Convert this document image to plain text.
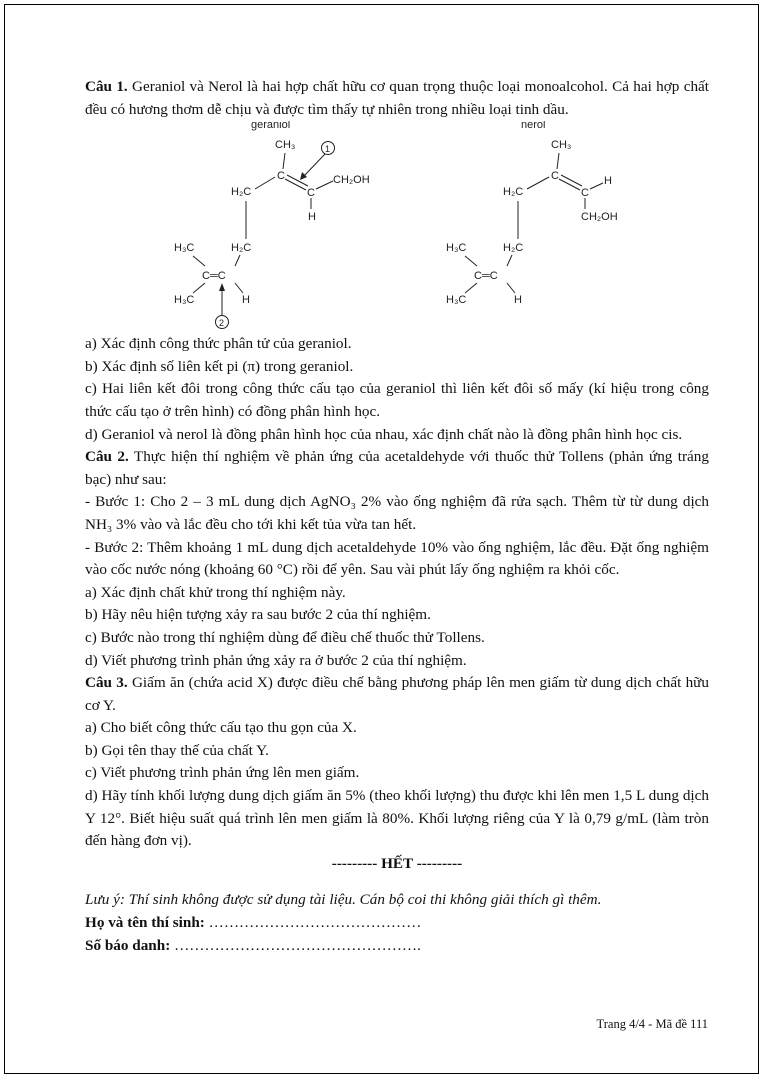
Câu 1. Geraniol và Nerol là hai hợp chất hữu cơ quan trọng thuộc loại monoalcohol. Cả hai hợp chất đều có hương thơm dễ chịu và được tìm thấy tự nhiên trong nhiều loại tinh dầu.

geraniol
CH₃
C
C
CH₂OH
H
1
H₂C
H₂C
H₃C
C═C
H₃C	H
2
nerol
CH₃
C
C
H
CH₂OH
H₂C
H₂C
H₃C
C═C
H₃C	H

a) Xác định công thức phân tử của geraniol.

b) Xác định số liên kết pi (π) trong geraniol.

c) Hai liên kết đôi trong công thức cấu tạo của geraniol thì liên kết đôi số mấy (kí hiệu trong công thức cấu tạo ở trên hình) có đồng phân hình học.

d) Geraniol và nerol là đồng phân hình học của nhau, xác định chất nào là đồng phân hình học cis.

Câu 2. Thực hiện thí nghiệm về phản ứng của acetaldehyde với thuốc thử Tollens (phản ứng tráng bạc) như sau:

- Bước 1: Cho 2 – 3 mL dung dịch AgNO₃ 2% vào ống nghiệm đã rửa sạch. Thêm từ từ dung dịch NH₃ 3% vào và lắc đều cho tới khi kết tủa vừa tan hết.

- Bước 2: Thêm khoảng 1 mL dung dịch acetaldehyde 10% vào ống nghiệm, lắc đều. Đặt ống nghiệm vào cốc nước nóng (khoảng 60 °C) rồi để yên. Sau vài phút lấy ống nghiệm ra khỏi cốc.

a) Xác định chất khử trong thí nghiệm này.

b) Hãy nêu hiện tượng xảy ra sau bước 2 của thí nghiệm.

c) Bước nào trong thí nghiệm dùng để điều chế thuốc thử Tollens.

d) Viết phương trình phản ứng xảy ra ở bước 2 của thí nghiệm.

Câu 3. Giấm ăn (chứa acid X) được điều chế bằng phương pháp lên men giấm từ dung dịch chất hữu cơ Y.

a) Cho biết công thức cấu tạo thu gọn của X.

b) Gọi tên thay thế của chất Y.

c) Viết phương trình phản ứng lên men giấm.

d) Hãy tính khối lượng dung dịch giấm ăn 5% (theo khối lượng) thu được khi lên men 1,5 L dung dịch Y 12°. Biết hiệu suất quá trình lên men giấm là 80%. Khối lượng riêng của Y là 0,79 g/mL (làm tròn đến hàng đơn vị).

--------- HẾT ---------

Lưu ý: Thí sinh không được sử dụng tài liệu. Cán bộ coi thi không giải thích gì thêm.

Họ và tên thí sinh: ……………………………………

Số báo danh: ………………………………………….

Trang 4/4 - Mã đề 111
